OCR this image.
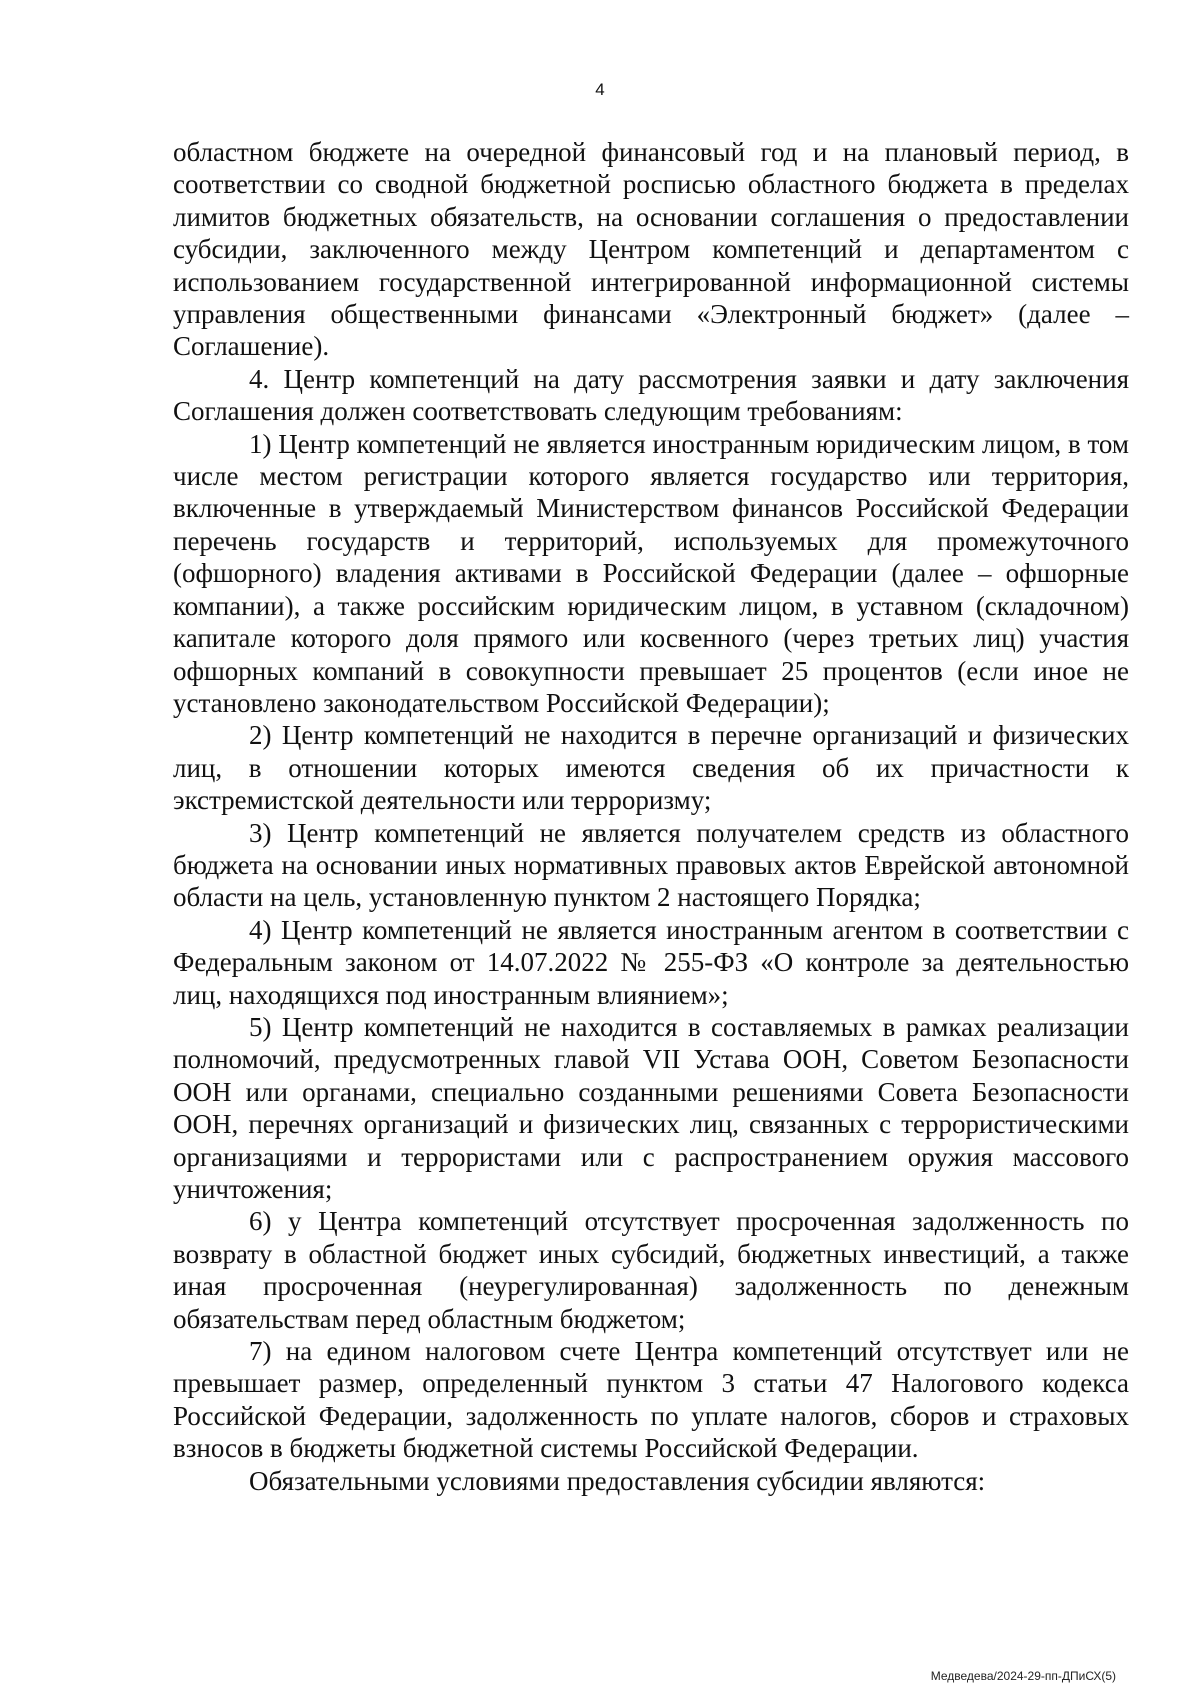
4

областном бюджете на очередной финансовый год и на плановый период, в соответствии со сводной бюджетной росписью областного бюджета в пределах лимитов бюджетных обязательств, на основании соглашения о предоставлении субсидии, заключенного между Центром компетенций и департаментом с использованием государственной интегрированной информационной системы управления общественными финансами «Электронный бюджет» (далее – Соглашение).

4. Центр компетенций на дату рассмотрения заявки и дату заключения Соглашения должен соответствовать следующим требованиям:

1) Центр компетенций не является иностранным юридическим лицом, в том числе местом регистрации которого является государство или территория, включенные в утверждаемый Министерством финансов Российской Федерации перечень государств и территорий, используемых для промежуточного (офшорного) владения активами в Российской Федерации (далее – офшорные компании), а также российским юридическим лицом, в уставном (складочном) капитале которого доля прямого или косвенного (через третьих лиц) участия офшорных компаний в совокупности превышает 25 процентов (если иное не установлено законодательством Российской Федерации);

2) Центр компетенций не находится в перечне организаций и физических лиц, в отношении которых имеются сведения об их причастности к экстремистской деятельности или терроризму;

3) Центр компетенций не является получателем средств из областного бюджета на основании иных нормативных правовых актов Еврейской автономной области на цель, установленную пунктом 2 настоящего Порядка;

4) Центр компетенций не является иностранным агентом в соответствии с Федеральным законом от 14.07.2022 № 255-ФЗ «О контроле за деятельностью лиц, находящихся под иностранным влиянием»;

5) Центр компетенций не находится в составляемых в рамках реализации полномочий, предусмотренных главой VII Устава ООН, Советом Безопасности ООН или органами, специально созданными решениями Совета Безопасности ООН, перечнях организаций и физических лиц, связанных с террористическими организациями и террористами или с распространением оружия массового уничтожения;

6) у Центра компетенций отсутствует просроченная задолженность по возврату в областной бюджет иных субсидий, бюджетных инвестиций, а также иная просроченная (неурегулированная) задолженность по денежным обязательствам перед областным бюджетом;

7) на едином налоговом счете Центра компетенций отсутствует или не превышает размер, определенный пунктом 3 статьи 47 Налогового кодекса Российской Федерации, задолженность по уплате налогов, сборов и страховых взносов в бюджеты бюджетной системы Российской Федерации.

Обязательными условиями предоставления субсидии являются:

Медведева/2024-29-пп-ДПиСХ(5)
